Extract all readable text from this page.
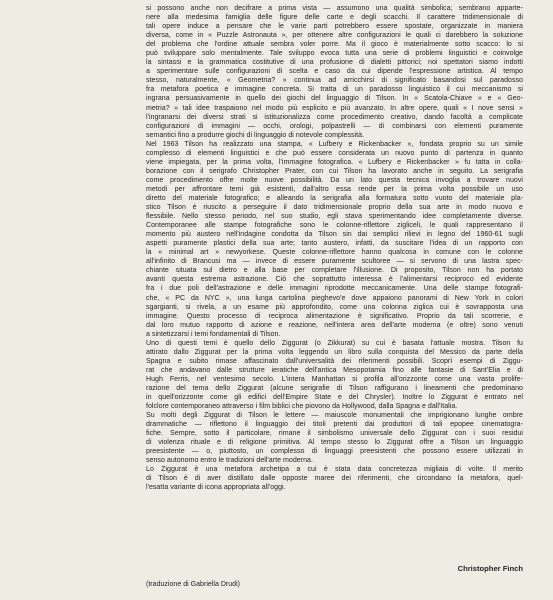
si possono anche non decifrare a prima vista — assumono una qualità simbolica; sembrano apparte-
nere alla medesima famiglia delle figure delle carte e degli scacchi. Il carattere tridimensionale di
tali opere induce a pensare che le varie parti potrebbero essere spostate, organizzate in maniera
diversa, come in « Puzzle Astronauta », per ottenere altre configurazioni le quali ci darebbero la soluzione
del problema che l'ordine attuale sembra voler porre. Ma il gioco è materialmente sotto scacco: lo si
può sviluppare solo mentalmente. Tale sviluppo evoca tutta una serie di problemi linguistici e coinvolge
la sintassi e la grammatica costitutive di una profusione di dialetti pittorici; noi spettatori siamo indotti
a sperimentare sulle configurazioni di scelta e caso da cui dipende l'espressione artistica. Al tempo
stesso, naturalmente, « Geometria? » continua ad arricchirsi di significato basandosi sul paradosso
fra metafora poetica e immagine concreta. Si tratta di un paradosso linguistico il cui meccanismo si
ingrana persuasivamente in quello dei giochi del linguaggio di Tilson. In « Scatola-Chiave » e « Geo-
metria? » tali idee traspaiono nel modo più esplicito e più avanzato. In altre opere, quali « I nove sensi »
l'ingranarsi dei diversi strati si istituzionalizza come procedimento creativo, dando facoltà a complicate
configurazioni di immagini — occhi, orologi, polpastrelli — di combinarsi con elementi puramente
semantici fino a produrre giochi di linguaggio di notevole complessità.
Nel 1963 Tilson ha realizzato una stampa, « Lufbery e Rickenbacker », fondata proprio su un simile
complesso di elementi linguistici e che può essere considerata un nuovo punto di partenza in quanto
viene impiegata, per la prima volta, l'immagine fotografica. « Lufbery e Rickenbacker » fu tatta in colla-
borazione con il serigrafo Christopher Prater, con cui Tilson ha lavorato anche in seguito. La serigrafia
come procedimento offre molte nuove possibilità. Da un lato questa tecnica invoglia a trovare nuovi
metodi per affrontare temi già esistenti, dall'altro essa rende per la prima volta possibile un uso
diretto del materiale fotografico; e alleando la serigrafia alla formatura sotto vuoto del materiale pla-
stico Tilson è riuscito a perseguire il dato tridimensionale proprio della sua arte in modo nuovo e
flessibile. Nello stesso periodo, nel suo studio, egli stava sperimentando idee completamente diverse.
Contemporanee alle stampe fotografiche sono le colonne-riflettore zigliceli, le quali rappresentano il
momento più austero nell'indagine condotta da Tilson sin dai semplici rilievi in legno del 1960-61 sugli
aspetti puramente plastici della sua arte; tanto austero, infatti, da suscitare l'idea di un rapporto con
la « minimal art » newyorkese. Queste colonne-riflettore hanno qualcosa in comune con le colonne
all'infinito di Brancusi ma — invece di essere puramente scultoree — si servono di una lastra speс-
chiante situata sul dietro e alla base per completare l'illusione. Di proposito, Tilson non ha portato
avanti questa estrema astrazione. Ciò che soprattutto interessa è l'alimentarsi reciproco ed evidente
fra i due poli dell'astrazione e delle immagini riprodotte meccanicamente. Una delle stampe fotografi-
che, « PC da NYC », una lunga cartolina pieghevo'e dove appaiono panorami di New York in colori
sgargianti, si rivela, a un esame più approfondito, come una colonna ziglica cui è sovrapposta una
immagine. Questo processo di reciproca alimentazione è significativo. Proprio da tali scorrerie, e
dal loro mutuo rapporto di azione e reazione, nell'intera area dell'arte moderna (e oltre) sono venuti
a sintetizzarsi i temi fondamentali di Tilson.
Uno di questi temi è quello dello Ziggurat (o Zikkurat) su cui è basata l'attuale mostra. Tilson fu
attirato dallo Ziggurat per la prima volta leggendo un libro sulla conquista del Messico da parte della
Spagna e subito rimase affascinato dall'universalità dei riferimenti possibili. Scoprì esempi di Ziggu-
rat che andavano dalle strutture ieratiche dell'antica Mesopotamia fino alle fantasie di Sant'Elia e di
Hugh Ferris, nel ventesimo secolo. L'intera Manhattan si profila all'orizzonte come una vasta prolife-
razione del tema dello Ziggurat (alcune serigrafie di Tilson raffigurano i lineamenti che predominano
in quell'orizzonte come gli edifici dell'Empire State e del Chrysler). Inoltre lo Ziggurat è entrato nel
folclore contemporaneo attraverso i film biblici che piovono da Hollywood, dalla Spagna e dall'Italia.
Su molti degli Ziggurat di Tilson le lettere — maiuscole monumentali che imprigionano lunghe ombre
drammatiche — riflettono il linguaggio dei titoli pretenti dai produttori di tali epopee cinematogra-
fiche. Sempre, sotto il particolare, rimane il simbolismo universale dello Ziggurat con i suoi residui
di violenza rituale e di religione primitiva. Al tempo stesso lo Ziggurat offre a Tilson un linguaggio
preesistente — o, piuttosto, un complesso di linguaggi preesistenti che possono essere utilizzati in
senso autonomo entro le tradizioni dell'arte moderna.
Lo Ziggurat è una metafora archetipa a cui è stata data concretezza migliaia di volte. Il merito
di Tilson è di aver distillato dalle opposte maree dei riferimenti, che circondano la metafora, quel-
l'esatta variante di icona appropriata all'oggi.
Christopher Finch
(traduzione di Gabriella Drudi)
